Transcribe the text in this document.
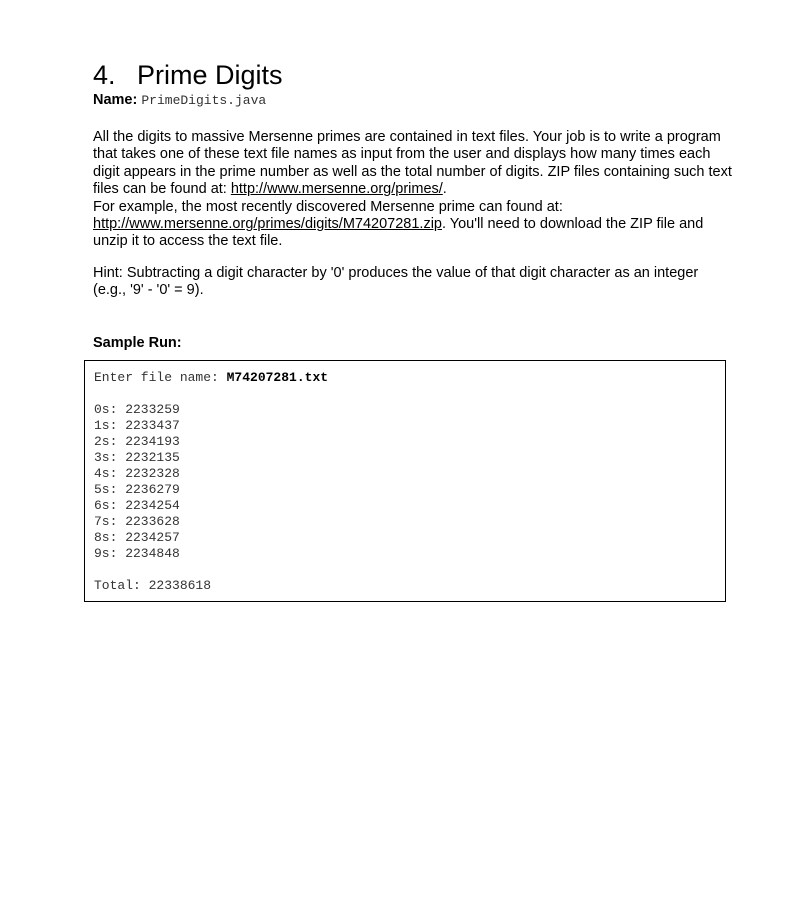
4. Prime Digits

Name: PrimeDigits.java

All the digits to massive Mersenne primes are contained in text files. Your job is to write a program that takes one of these text file names as input from the user and displays how many times each digit appears in the prime number as well as the total number of digits. ZIP files containing such text files can be found at: http://www.mersenne.org/primes/.
For example, the most recently discovered Mersenne prime can found at: http://www.mersenne.org/primes/digits/M74207281.zip. You'll need to download the ZIP file and unzip it to access the text file.

Hint: Subtracting a digit character by '0' produces the value of that digit character as an integer (e.g., '9' - '0' = 9).

Sample Run:

Enter file name: M74207281.txt
0s: 2233259
1s: 2233437
2s: 2234193
3s: 2232135
4s: 2232328
5s: 2236279
6s: 2234254
7s: 2233628
8s: 2234257
9s: 2234848
Total: 22338618
